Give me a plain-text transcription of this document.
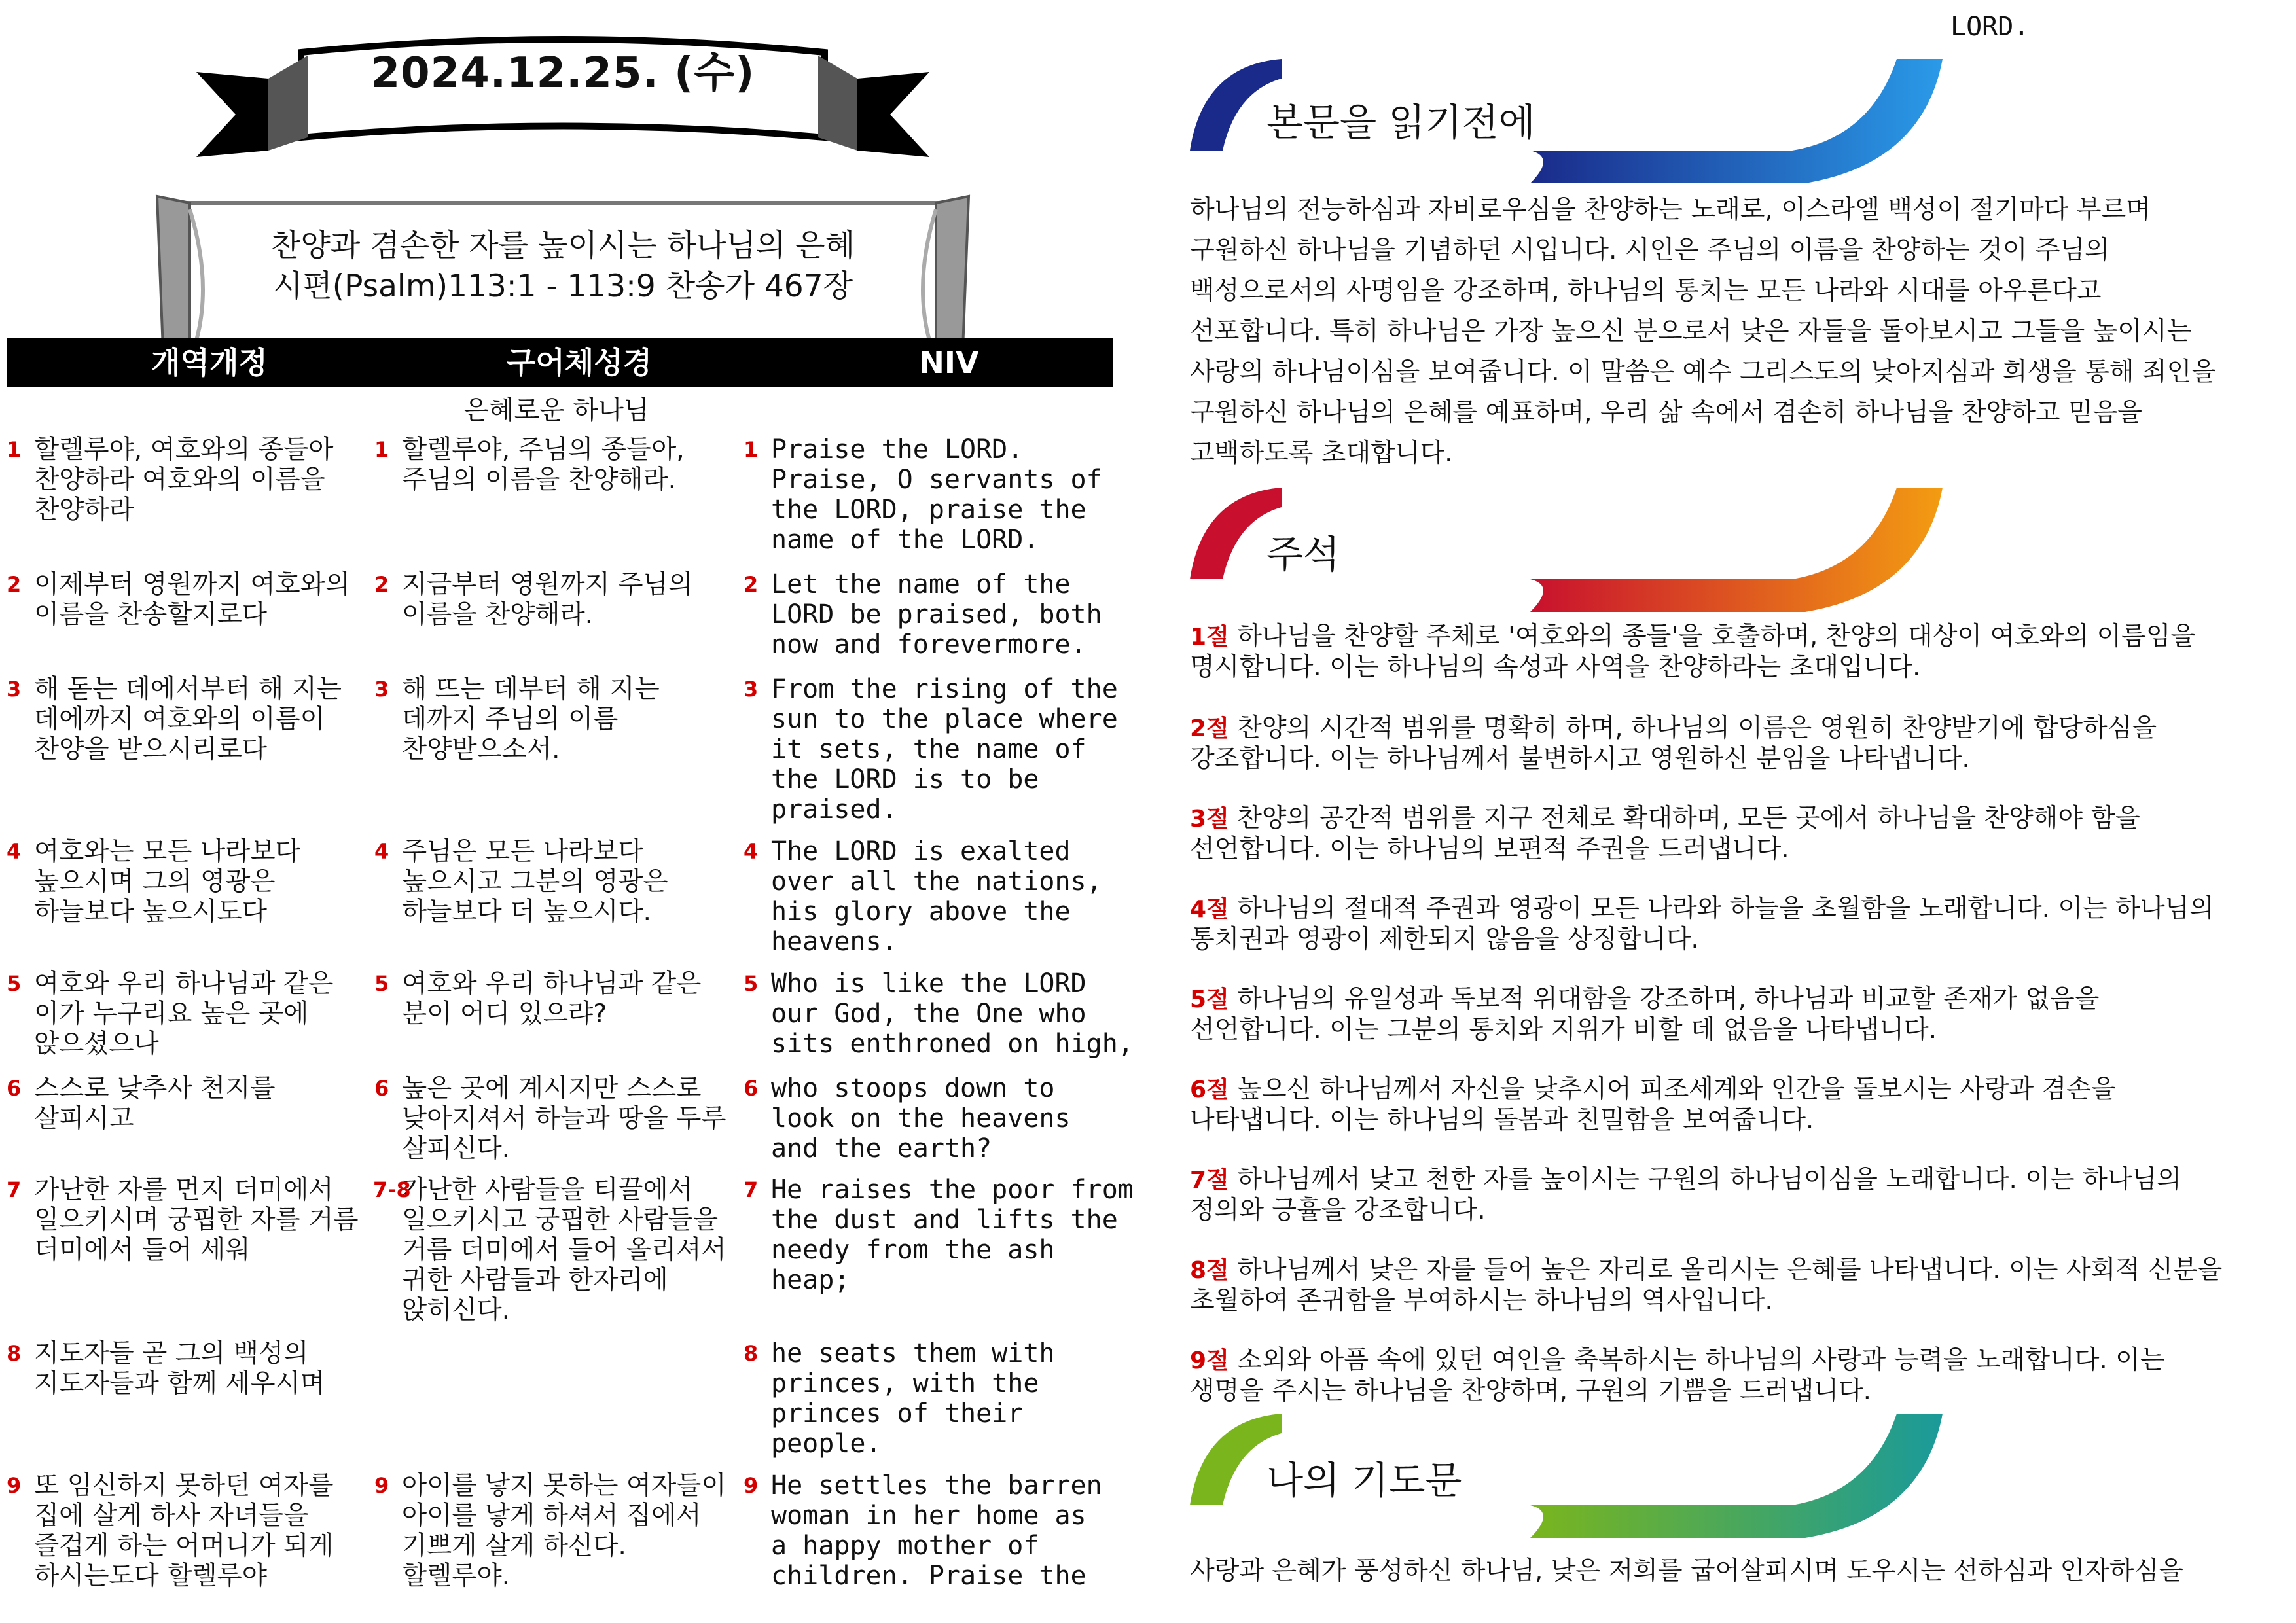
2024.12.25. (수)
찬양과 겸손한 자를 높이시는 하나님의 은혜
시편(Psalm)113:1 - 113:9 찬송가 467장
개역개정	구어체성경	NIV
은혜로운 하나님
1 할렐루야, 여호와의 종들아
찬양하라 여호와의 이름을
찬양하라
2 이제부터 영원까지 여호와의
이름을 찬송할지로다
3 해 돋는 데에서부터 해 지는
데에까지 여호와의 이름이
찬양을 받으시리로다
4 여호와는 모든 나라보다
높으시며 그의 영광은
하늘보다 높으시도다
5 여호와 우리 하나님과 같은
이가 누구리요 높은 곳에
앉으셨으나
6 스스로 낮추사 천지를
살피시고
7 가난한 자를 먼지 더미에서
일으키시며 궁핍한 자를 거름
더미에서 들어 세워
8 지도자들 곧 그의 백성의
지도자들과 함께 세우시며
9 또 임신하지 못하던 여자를
집에 살게 하사 자녀들을
즐겁게 하는 어머니가 되게
하시는도다 할렐루야
1 할렐루야, 주님의 종들아,
주님의 이름을 찬양해라.
2 지금부터 영원까지 주님의
이름을 찬양해라.
3 해 뜨는 데부터 해 지는
데까지 주님의 이름
찬양받으소서.
4 주님은 모든 나라보다
높으시고 그분의 영광은
하늘보다 더 높으시다.
5 여호와 우리 하나님과 같은
분이 어디 있으랴?
6 높은 곳에 계시지만 스스로
낮아지셔서 하늘과 땅을 두루
살피신다.
7-8
가난한 사람들을 티끌에서
일으키시고 궁핍한 사람들을
거름 더미에서 들어 올리셔서
귀한 사람들과 한자리에
앉히신다.
9 아이를 낳지 못하는 여자들이
아이를 낳게 하셔서 집에서
기쁘게 살게 하신다.
할렐루야.
1 Praise the LORD.
Praise, O servants of
the LORD, praise the
name of the LORD.
2 Let the name of the
LORD be praised, both
now and forevermore.
3 From the rising of the
sun to the place where
it sets, the name of
the LORD is to be
praised.
4 The LORD is exalted
over all the nations,
his glory above the
heavens.
5 Who is like the LORD
our God, the One who
sits enthroned on high,
6 who stoops down to
look on the heavens
and the earth?
7 He raises the poor from
the dust and lifts the
needy from the ash
heap;
8 he seats them with
princes, with the
princes of their
people.
9 He settles the barren
woman in her home as
a happy mother of
children. Praise the
LORD.
본문을 읽기전에
하나님의 전능하심과 자비로우심을 찬양하는 노래로, 이스라엘 백성이 절기마다 부르며
구원하신 하나님을 기념하던 시입니다. 시인은 주님의 이름을 찬양하는 것이 주님의
백성으로서의 사명임을 강조하며, 하나님의 통치는 모든 나라와 시대를 아우른다고
선포합니다. 특히 하나님은 가장 높으신 분으로서 낮은 자들을 돌아보시고 그들을 높이시는
사랑의 하나님이심을 보여줍니다. 이 말씀은 예수 그리스도의 낮아지심과 희생을 통해 죄인을
구원하신 하나님의 은혜를 예표하며, 우리 삶 속에서 겸손히 하나님을 찬양하고 믿음을
고백하도록 초대합니다.
주석
1절 하나님을 찬양할 주체로 '여호와의 종들'을 호출하며, 찬양의 대상이 여호와의 이름임을
명시합니다. 이는 하나님의 속성과 사역을 찬양하라는 초대입니다.
2절 찬양의 시간적 범위를 명확히 하며, 하나님의 이름은 영원히 찬양받기에 합당하심을
강조합니다. 이는 하나님께서 불변하시고 영원하신 분임을 나타냅니다.
3절 찬양의 공간적 범위를 지구 전체로 확대하며, 모든 곳에서 하나님을 찬양해야 함을
선언합니다. 이는 하나님의 보편적 주권을 드러냅니다.
4절 하나님의 절대적 주권과 영광이 모든 나라와 하늘을 초월함을 노래합니다. 이는 하나님의
통치권과 영광이 제한되지 않음을 상징합니다.
5절 하나님의 유일성과 독보적 위대함을 강조하며, 하나님과 비교할 존재가 없음을
선언합니다. 이는 그분의 통치와 지위가 비할 데 없음을 나타냅니다.
6절 높으신 하나님께서 자신을 낮추시어 피조세계와 인간을 돌보시는 사랑과 겸손을
나타냅니다. 이는 하나님의 돌봄과 친밀함을 보여줍니다.
7절 하나님께서 낮고 천한 자를 높이시는 구원의 하나님이심을 노래합니다. 이는 하나님의
정의와 긍휼을 강조합니다.
8절 하나님께서 낮은 자를 들어 높은 자리로 올리시는 은혜를 나타냅니다. 이는 사회적 신분을
초월하여 존귀함을 부여하시는 하나님의 역사입니다.
9절 소외와 아픔 속에 있던 여인을 축복하시는 하나님의 사랑과 능력을 노래합니다. 이는
생명을 주시는 하나님을 찬양하며, 구원의 기쁨을 드러냅니다.
나의 기도문
사랑과 은혜가 풍성하신 하나님, 낮은 저희를 굽어살피시며 도우시는 선하심과 인자하심을
